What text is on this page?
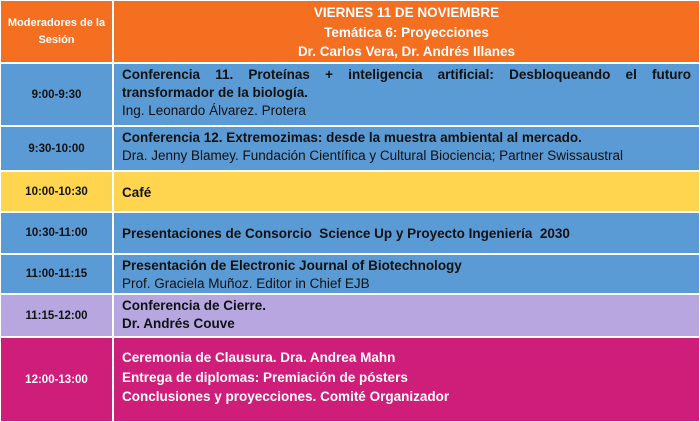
Moderadores de la Sesión
VIERNES 11 DE NOVIEMBRE
Temática 6: Proyecciones
Dr. Carlos Vera, Dr. Andrés Illanes
9:00-9:30
Conferencia 11. Proteínas + inteligencia artificial: Desbloqueando el futuro transformador de la biología.
Ing. Leonardo Álvarez. Protera
9:30-10:00
Conferencia 12. Extremozimas: desde la muestra ambiental al mercado.
Dra. Jenny Blamey. Fundación Científica y Cultural Biociencia; Partner Swissaustral
10:00-10:30	Café
10:30-11:00	Presentaciones de Consorcio  Science Up y Proyecto Ingeniería  2030
11:00-11:15
Presentación de Electronic Journal of Biotechnology
Prof. Graciela Muñoz. Editor in Chief EJB
11:15-12:00
Conferencia de Cierre.
Dr. Andrés Couve
12:00-13:00
Ceremonia de Clausura. Dra. Andrea Mahn
Entrega de diplomas: Premiación de pósters
Conclusiones y proyecciones. Comité Organizador
